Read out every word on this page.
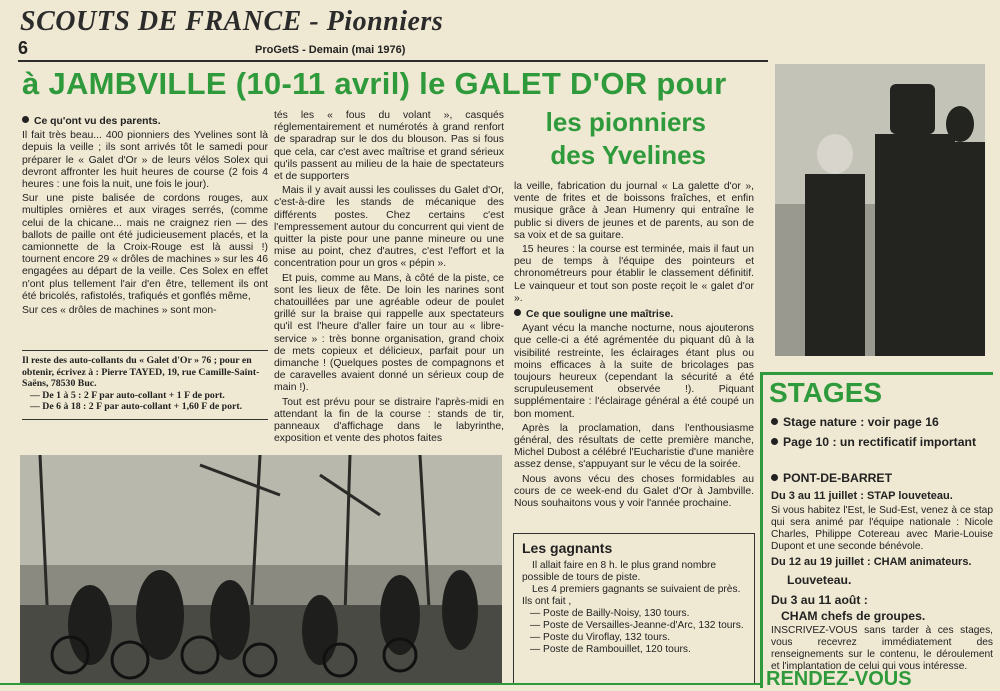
SCOUTS DE FRANCE - Pionniers
6	ProGetS - Demain (mai 1976)
à JAMBVILLE (10-11 avril) le GALET D'OR pour
les pionniers
des Yvelines

Ce qu'ont vu des parents.

Il fait très beau... 400 pionniers des Yvelines sont là depuis la veille ; ils sont arrivés tôt le samedi pour préparer le « Galet d'Or » de leurs vélos Solex qui devront affronter les huit heures de course (2 fois 4 heures : une fois la nuit, une fois le jour).

Sur une piste balisée de cordons rouges, aux multiples ornières et aux virages serrés, (comme celui de la chicane... mais ne craignez rien — des ballots de paille ont été judicieusement placés, et la camionnette de la Croix-Rouge est là aussi !) tournent encore 29 « drôles de machines » sur les 46 engagées au départ de la veille. Ces Solex en effet n'ont plus tellement l'air d'en être, tellement ils ont été bricolés, rafistolés, trafiqués et gonflés même,

Sur ces « drôles de machines » sont mon-

Il reste des auto-collants du « Galet d'Or » 76 ; pour en obtenir, écrivez à : Pierre TAYED, 19, rue Camille-Saint-Saëns, 78530 Buc.
— De 1 à 5 : 2 F par auto-collant + 1 F de port.
— De 6 à 18 : 2 F par auto-collant + 1,60 F de port.

tés les « fous du volant », casqués réglementairement et numérotés à grand renfort de sparadrap sur le dos du blouson. Pas si fous que cela, car c'est avec maîtrise et grand sérieux qu'ils passent au milieu de la haie de spectateurs et de supporters

Mais il y avait aussi les coulisses du Galet d'Or, c'est-à-dire les stands de mécanique des différents postes. Chez certains c'est l'empressement autour du concurrent qui vient de quitter la piste pour une panne mineure ou une mise au point, chez d'autres, c'est l'effort et la concentration pour un gros « pépin ».

Et puis, comme au Mans, à côté de la piste, ce sont les lieux de fête. De loin les narines sont chatouillées par une agréable odeur de poulet grillé sur la braise qui rappelle aux spectateurs qu'il est l'heure d'aller faire un tour au « libre-service » : très bonne organisation, grand choix de mets copieux et délicieux, parfait pour un dimanche ! (Quelques postes de compagnons et de caravelles avaient donné un sérieux coup de main !).

Tout est prévu pour se distraire l'après-midi en attendant la fin de la course : stands de tir, panneaux d'affichage dans le labyrinthe, exposition et vente des photos faites

la veille, fabrication du journal « La galette d'or », vente de frites et de boissons fraîches, et enfin musique grâce à Jean Humenry qui entraîne le public si divers de jeunes et de parents, au son de sa voix et de sa guitare.

15 heures : la course est terminée, mais il faut un peu de temps à l'équipe des pointeurs et chronométreurs pour établir le classement définitif. Le vainqueur et tout son poste reçoit le « galet d'or ».

Ce que souligne une maîtrise.

Ayant vécu la manche nocturne, nous ajouterons que celle-ci a été agrémentée du piquant dû à la visibilité restreinte, les éclairages étant plus ou moins efficaces à la suite de bricolages pas toujours heureux (cependant la sécurité a été scrupuleusement observée !). Piquant supplémentaire : l'éclairage général a été coupé un bon moment.

Après la proclamation, dans l'enthousiasme général, des résultats de cette première manche, Michel Dubost a célébré l'Eucharistie d'une manière assez dense, s'appuyant sur le vécu de la soirée.

Nous avons vécu des choses formidables au cours de ce week-end du Galet d'Or à Jambville. Nous souhaitons vous y voir l'année prochaine.

Les gagnants
Il allait faire en 8 h. le plus grand nombre possible de tours de piste.
Les 4 premiers gagnants se suivaient de près. Ils ont fait ,
— Poste de Bailly-Noisy, 130 tours.
— Poste de Versailles-Jeanne-d'Arc, 132 tours.
— Poste du Viroflay, 132 tours.
— Poste de Rambouillet, 120 tours.
STAGES
Stage nature : voir page 16
Page 10 : un rectificatif important
PONT-DE-BARRET
Du 3 au 11 juillet : STAP louveteau.
Si vous habitez l'Est, le Sud-Est, venez à ce stap qui sera animé par l'équipe nationale : Nicole Charles, Philippe Cotereau avec Marie-Louise Dupont et une seconde bénévole.
Du 12 au 19 juillet : CHAM animateurs.
Louveteau.
Du 3 au 11 août :
CHAM chefs de groupes.
INSCRIVEZ-VOUS sans tarder à ces stages, vous recevrez immédiatement des renseignements sur le contenu, le déroulement et l'implantation de celui qui vous intéresse.
RENDEZ-VOUS
